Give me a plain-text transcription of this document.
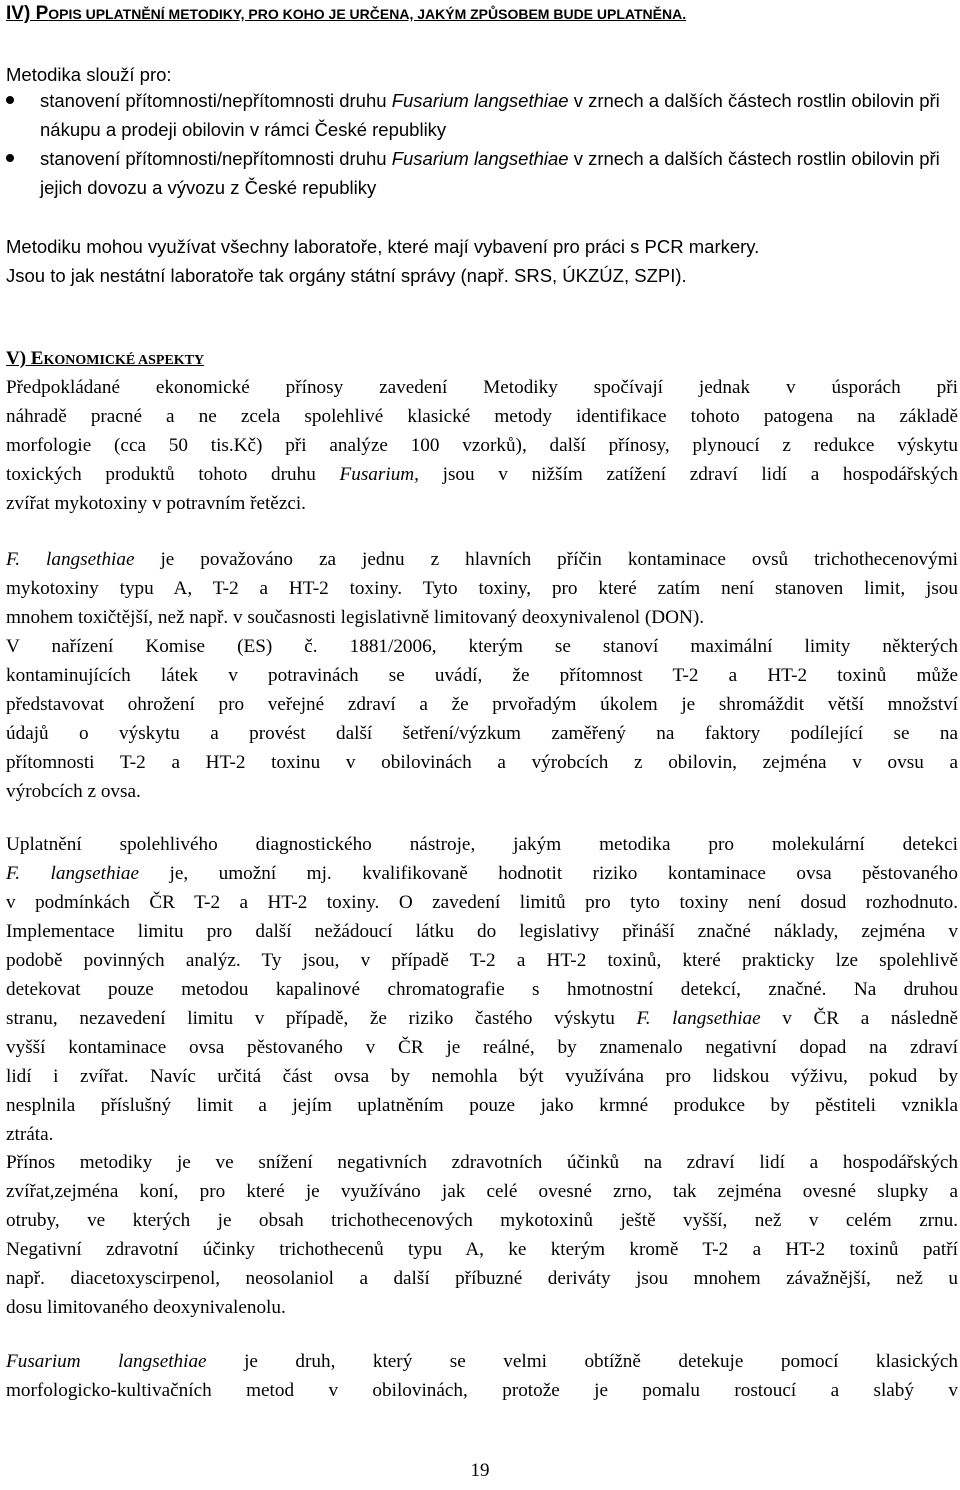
IV) POPIS UPLATNĚNÍ METODIKY, PRO KOHO JE URČENA, JAKÝM ZPŮSOBEM BUDE UPLATNĚNA.
Metodika slouží pro:
stanovení přítomnosti/nepřítomnosti druhu Fusarium langsethiae v zrnech a dalších částech rostlin obilovin při nákupu a prodeji obilovin v rámci České republiky
stanovení přítomnosti/nepřítomnosti druhu Fusarium langsethiae v zrnech a dalších částech rostlin obilovin při jejich dovozu a vývozu z České republiky

Metodiku mohou využívat všechny laboratoře, které mají vybavení pro práci s PCR markery.
Jsou to jak nestátní laboratoře tak orgány státní správy (např. SRS, ÚKZÚZ, SZPI).

V) EKONOMICKÉ ASPEKTY

Předpokládané ekonomické přínosy zavedení Metodiky spočívají jednak v úsporách při
náhradě pracné a ne zcela spolehlivé klasické metody identifikace tohoto patogena na základě
morfologie (cca 50 tis.Kč) při analýze 100 vzorků), další přínosy, plynoucí z redukce výskytu
toxických produktů tohoto druhu Fusarium, jsou v nižším zatížení zdraví lidí a hospodářských
zvířat mykotoxiny v potravním řetězci.

F. langsethiae je považováno za jednu z hlavních příčin kontaminace ovsů trichothecenovými
mykotoxiny typu A, T-2 a HT-2 toxiny. Tyto toxiny, pro které zatím není stanoven limit, jsou
mnohem toxičtější, než např. v současnosti legislativně limitovaný deoxynivalenol (DON).
V nařízení Komise (ES) č. 1881/2006, kterým se stanoví maximální limity některých
kontaminujících látek v potravinách se uvádí, že přítomnost T-2 a HT-2 toxinů může
představovat ohrožení pro veřejné zdraví a že prvořadým úkolem je shromáždit větší množství
údajů o výskytu a provést další šetření/výzkum zaměřený na faktory podílející se na
přítomnosti T-2 a HT-2 toxinu v obilovinách a výrobcích z obilovin, zejména v ovsu a
výrobcích z ovsa.

Uplatnění spolehlivého diagnostického nástroje, jakým metodika pro molekulární detekci
F. langsethiae je, umožní mj. kvalifikovaně hodnotit riziko kontaminace ovsa pěstovaného
v podmínkách ČR T-2 a HT-2 toxiny. O zavedení limitů pro tyto toxiny není dosud rozhodnuto.
Implementace limitu pro další nežádoucí látku do legislativy přináší značné náklady, zejména v
podobě povinných analýz. Ty jsou, v případě T-2 a HT-2 toxinů, které prakticky lze spolehlivě
detekovat pouze metodou kapalinové chromatografie s hmotnostní detekcí, značné. Na druhou
stranu, nezavedení limitu v případě, že riziko častého výskytu F. langsethiae v ČR a následně
vyšší kontaminace ovsa pěstovaného v ČR je reálné, by znamenalo negativní dopad na zdraví
lidí i zvířat. Navíc určitá část ovsa by nemohla být využívána pro lidskou výživu, pokud by
nesplnila příslušný limit a jejím uplatněním pouze jako krmné produkce by pěstiteli vznikla
ztráta.

Přínos metodiky je ve snížení negativních zdravotních účinků na zdraví lidí a hospodářských
zvířat,zejména koní, pro které je využíváno jak celé ovesné zrno, tak zejména ovesné slupky a
otruby, ve kterých je obsah trichothecenových mykotoxinů ještě vyšší, než v celém zrnu.
Negativní zdravotní účinky trichothecenů typu A, ke kterým kromě T-2 a HT-2 toxinů patří
např. diacetoxyscirpenol, neosolaniol a další příbuzné deriváty jsou mnohem závažnější, než u
dosu limitovaného deoxynivalenolu.

Fusarium langsethiae je druh, který se velmi obtížně detekuje pomocí klasických
morfologicko-kultivačních metod v obilovinách, protože je pomalu rostoucí a slabý v

19
